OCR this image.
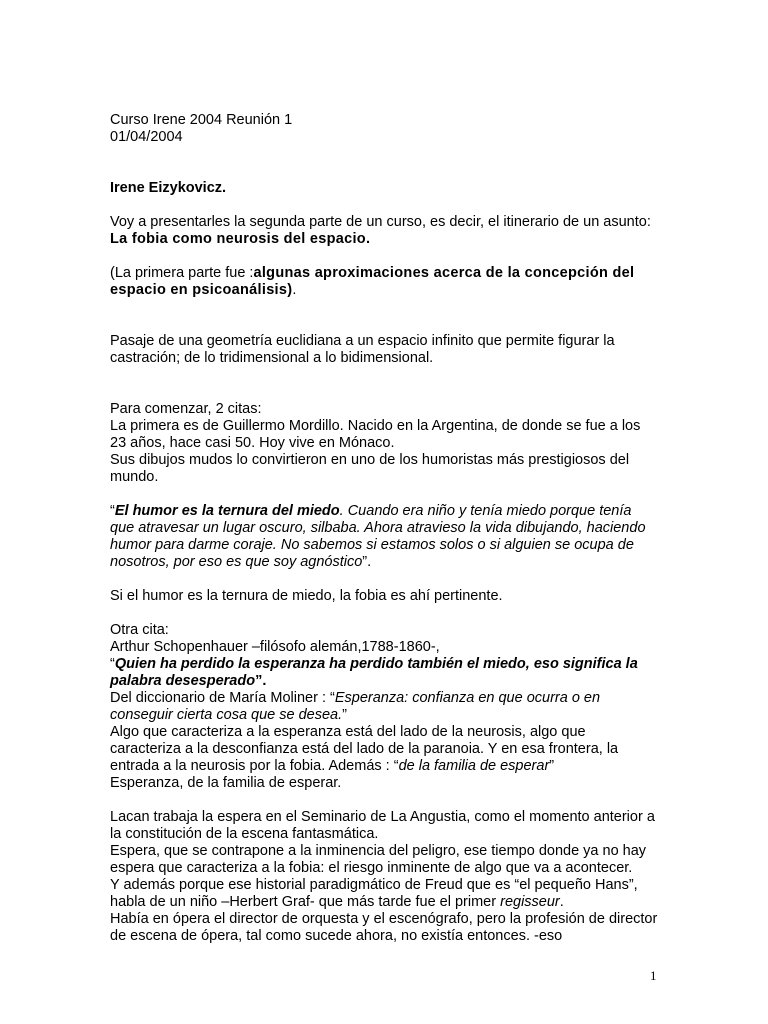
Curso Irene 2004 Reunión 1

01/04/2004

Irene Eizykovicz.

Voy a presentarles la segunda parte de un curso, es decir, el itinerario de un asunto: La fobia como neurosis del espacio.

(La primera parte fue :algunas aproximaciones acerca de la concepción del espacio en psicoanálisis).

Pasaje de una geometría euclidiana a un espacio infinito que permite figurar la castración; de lo tridimensional a lo bidimensional.

Para comenzar, 2 citas:

La primera es de Guillermo Mordillo. Nacido en la Argentina, de donde se fue a los 23 años, hace casi 50. Hoy vive en Mónaco.

Sus dibujos mudos lo convirtieron en uno de los humoristas más prestigiosos del mundo.

“El humor es la ternura del miedo. Cuando era niño y tenía miedo porque tenía que atravesar un lugar oscuro, silbaba. Ahora atravieso la vida dibujando, haciendo humor para darme coraje. No sabemos si estamos solos o si alguien se ocupa de nosotros, por eso es que soy agnóstico”.

Si el humor es la ternura de miedo, la fobia es ahí pertinente.

Otra cita:

Arthur Schopenhauer –filósofo alemán,1788-1860-,

“Quien ha perdido la esperanza ha perdido también el miedo, eso significa la palabra desesperado”.

Del diccionario de María Moliner : “Esperanza: confianza en que ocurra o en conseguir cierta cosa que se desea.”

Algo que caracteriza a la esperanza está del lado de la neurosis, algo que caracteriza a la desconfianza está del lado de la paranoia. Y en esa frontera, la entrada a la neurosis por la fobia. Además : “de la familia de esperar”

Esperanza, de la familia de esperar.

Lacan trabaja la espera en el Seminario de La Angustia, como el momento anterior a la constitución de la escena fantasmática.

Espera, que se contrapone a la inminencia del peligro, ese tiempo donde ya no hay espera que caracteriza a la fobia: el riesgo inminente de algo que va a acontecer.

Y además porque ese historial paradigmático de Freud que es “el pequeño Hans”, habla de un niño –Herbert Graf- que más tarde fue el primer regisseur.

Había en ópera el director de orquesta y el escenógrafo, pero la profesión de director de escena de ópera, tal como sucede ahora, no existía entonces. -eso

1
